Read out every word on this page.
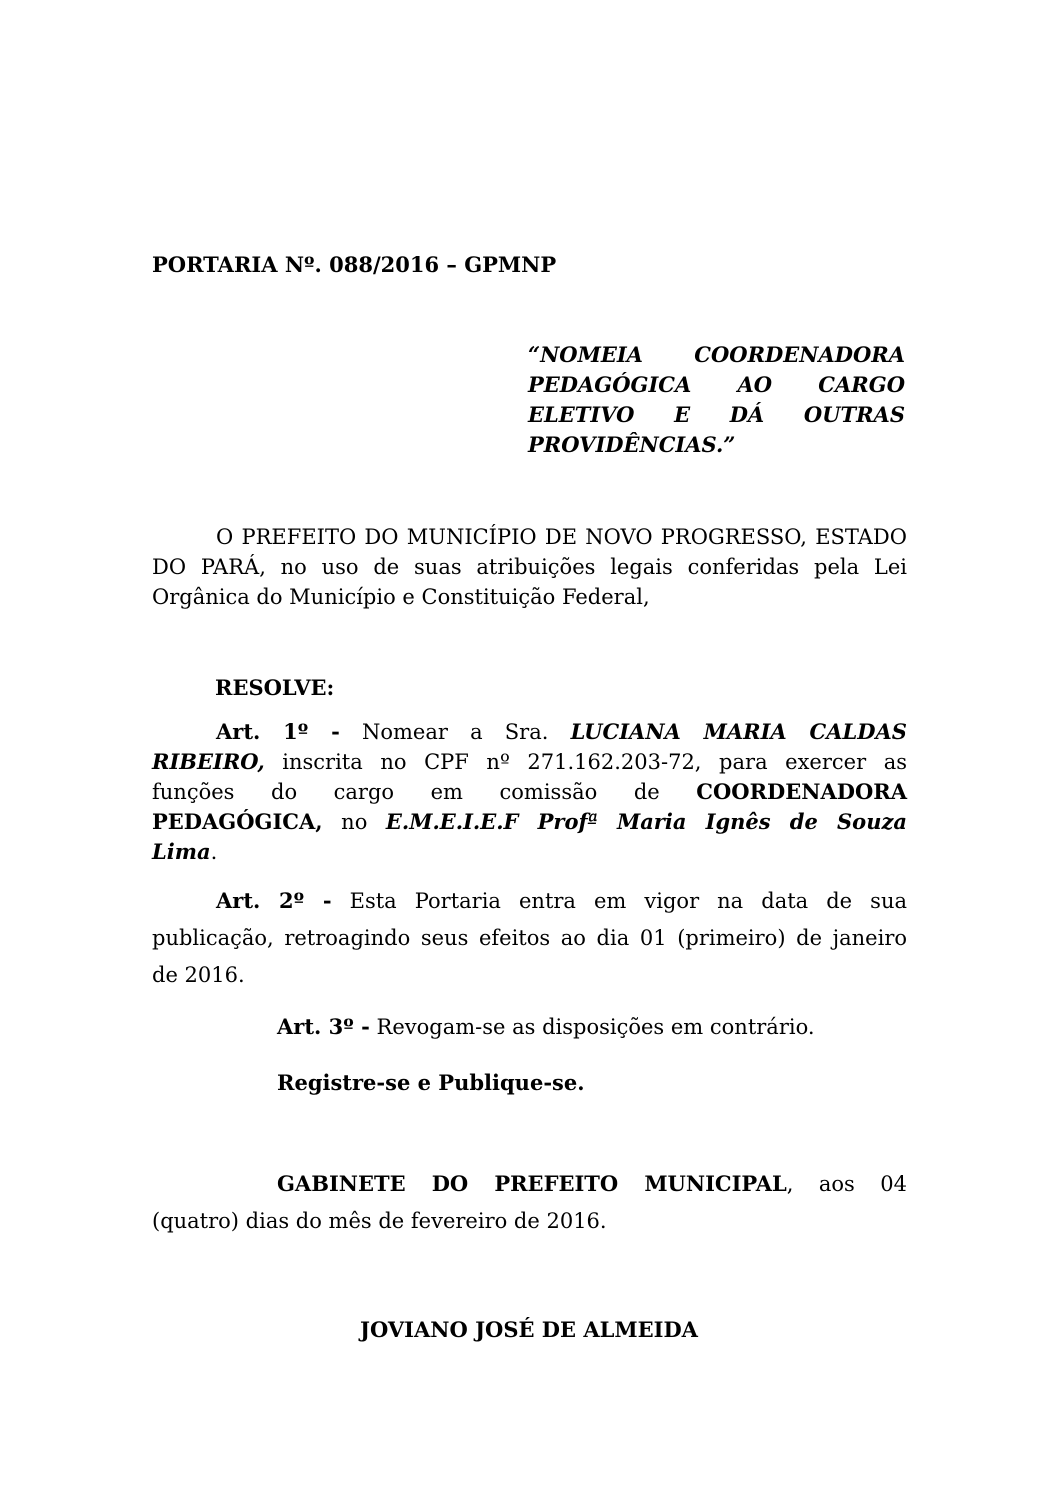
PORTARIA Nº. 088/2016 – GPMNP
“NOMEIA COORDENADORA
PEDAGÓGICA AO CARGO
ELETIVO E DÁ OUTRAS
PROVIDÊNCIAS.”
O PREFEITO DO MUNICÍPIO DE NOVO PROGRESSO, ESTADO
DO PARÁ, no uso de suas atribuições legais conferidas pela Lei
Orgânica do Município e Constituição Federal,
RESOLVE:
Art. 1º - Nomear a Sra. LUCIANA MARIA CALDAS
RIBEIRO, inscrita no CPF nº 271.162.203-72, para exercer as
funções do cargo em comissão de COORDENADORA
PEDAGÓGICA, no E.M.E.I.E.F Profª Maria Ignês de Souza
Lima.
Art. 2º - Esta Portaria entra em vigor na data de sua
publicação, retroagindo seus efeitos ao dia 01 (primeiro) de janeiro
de 2016.
Art. 3º - Revogam-se as disposições em contrário.
Registre-se e Publique-se.
GABINETE DO PREFEITO MUNICIPAL, aos 04
(quatro) dias do mês de fevereiro de 2016.
JOVIANO JOSÉ DE ALMEIDA
